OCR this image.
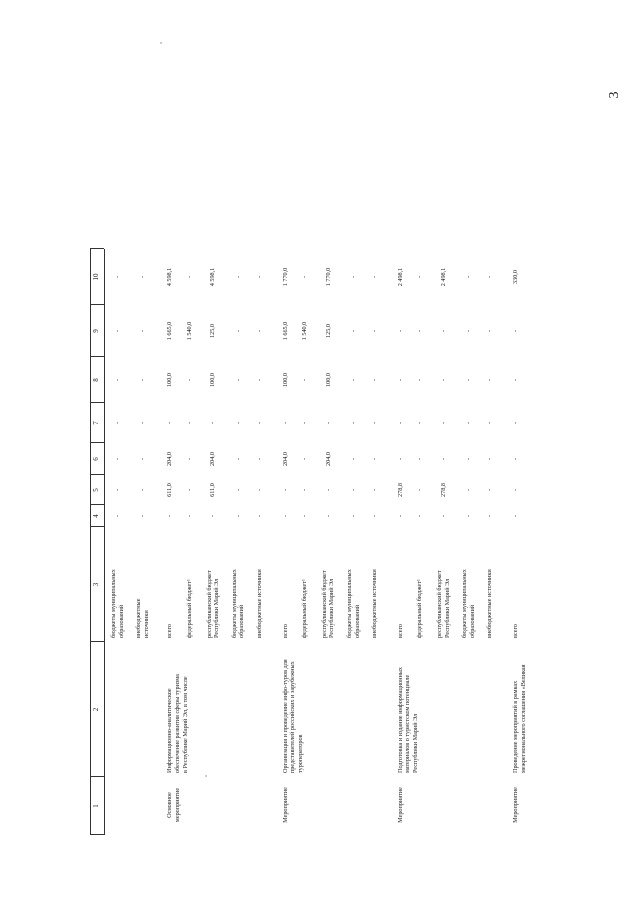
3
1
2
3
4
5
6
7
8
9
10
бюджеты муниципальных образований
-
-
-
-
-
-
-
внебюджетные источники
-
-
-
-
-
-
-
Основное мероприятие
Информационно-аналитическое обеспечение развития сферы туризма в Республике Марий Эл, в том числе
всего
-
611,0
204,0
-
100,0
1 665,0
4 598,1
федеральный бюджет¹
-
-
-
-
-
1 540,0
-
республиканский бюджет Республики Марий Эл
-
611,0
204,0
-
100,0
125,0
4 598,1
бюджеты муниципальных образований
-
-
-
-
-
-
-
внебюджетные источники
-
-
-
-
-
-
-
Мероприятие
Организация и проведение инфо-туров для представителей российских и зарубежных туроператоров
всего
-
-
204,0
-
100,0
1 665,0
1 770,0
федеральный бюджет¹
-
-
-
-
-
1 540,0
-
республиканский бюджет Республики Марий Эл
-
-
204,0
-
100,0
125,0
1 770,0
бюджеты муниципальных образований
-
-
-
-
-
-
-
внебюджетные источники
-
-
-
-
-
-
-
Мероприятие
Подготовка и издание информационных материалов о туристском потенциале Республики Марий Эл
всего
-
278,8
-
-
-
-
2 498,1
федеральный бюджет¹
-
-
-
-
-
-
-
республиканский бюджет Республики Марий Эл
-
278,8
-
-
-
-
2 498,1
бюджеты муниципальных образований
-
-
-
-
-
-
-
внебюджетные источники
-
-
-
-
-
-
-
Мероприятие
Проведение мероприятий в рамках межрегионального соглашения «Великая
всего
-
-
-
-
-
-
330,0
